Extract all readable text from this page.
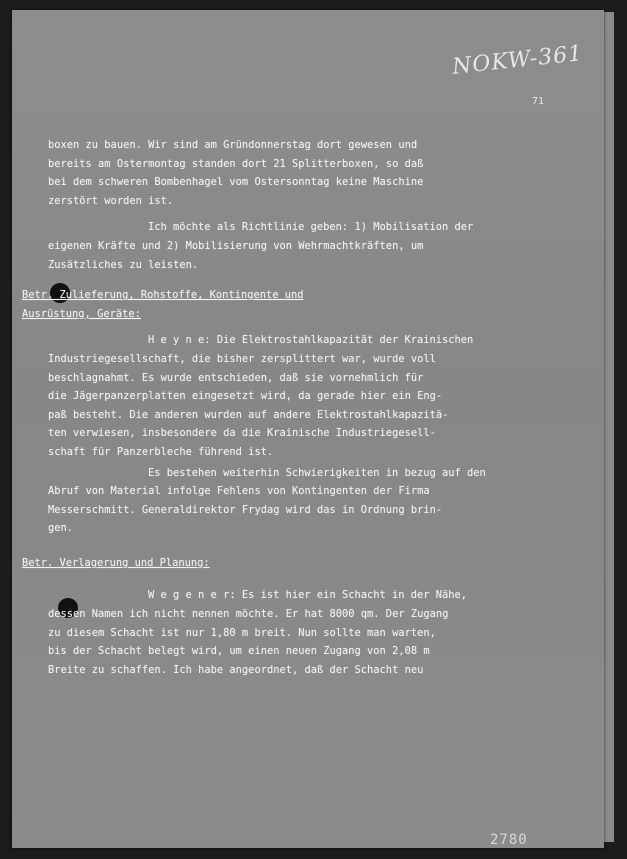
NOKW-361
71
boxen zu bauen. Wir sind am Gründonnerstag dort gewesen und
bereits am Ostermontag standen dort 21 Splitterboxen, so daß
bei dem schweren Bombenhagel vom Ostersonntag keine Maschine
zerstört worden ist.
Ich möchte als Richtlinie geben: 1) Mobilisation der
eigenen Kräfte und 2) Mobilisierung von Wehrmachtkräften, um
Zusätzliches zu leisten.
Betr. Zulieferung, Rohstoffe, Kontingente und
Ausrüstung, Geräte:
H e y n e: Die Elektrostahlkapazität der Krainischen
Industriegesellschaft, die bisher zersplittert war, wurde voll
beschlagnahmt. Es wurde entschieden, daß sie vornehmlich für
die Jägerpanzerplatten eingesetzt wird, da gerade hier ein Eng-
paß besteht. Die anderen wurden auf andere Elektrostahlkapazitä-
ten verwiesen, insbesondere da die Krainische Industriegesell-
schaft für Panzerbleche führend ist.
Es bestehen weiterhin Schwierigkeiten in bezug auf den
Abruf von Material infolge Fehlens von Kontingenten der Firma
Messerschmitt. Generaldirektor Frydag wird das in Ordnung brin-
gen.
Betr. Verlagerung und Planung:
W e g e n e r: Es ist hier ein Schacht in der Nähe,
dessen Namen ich nicht nennen möchte. Er hat 8000 qm. Der Zugang
zu diesem Schacht ist nur 1,80 m breit. Nun sollte man warten,
bis der Schacht belegt wird, um einen neuen Zugang von 2,08 m
Breite zu schaffen. Ich habe angeordnet, daß der Schacht neu
2780
